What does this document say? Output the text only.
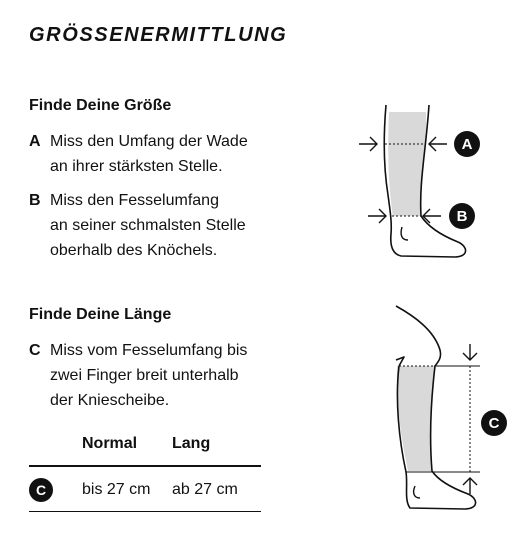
GRÖSSENERMITTLUNG
Finde Deine Größe
A Miss den Umfang der Wade
an ihrer stärksten Stelle.
B Miss den Fesselumfang
an seiner schmalsten Stelle
oberhalb des Knöchels.
Finde Deine Länge
C Miss vom Fesselumfang bis
zwei Finger breit unterhalb
der Kniescheibe.
Normal Lang
C	bis 27 cm ab 27 cm
A
B
C
